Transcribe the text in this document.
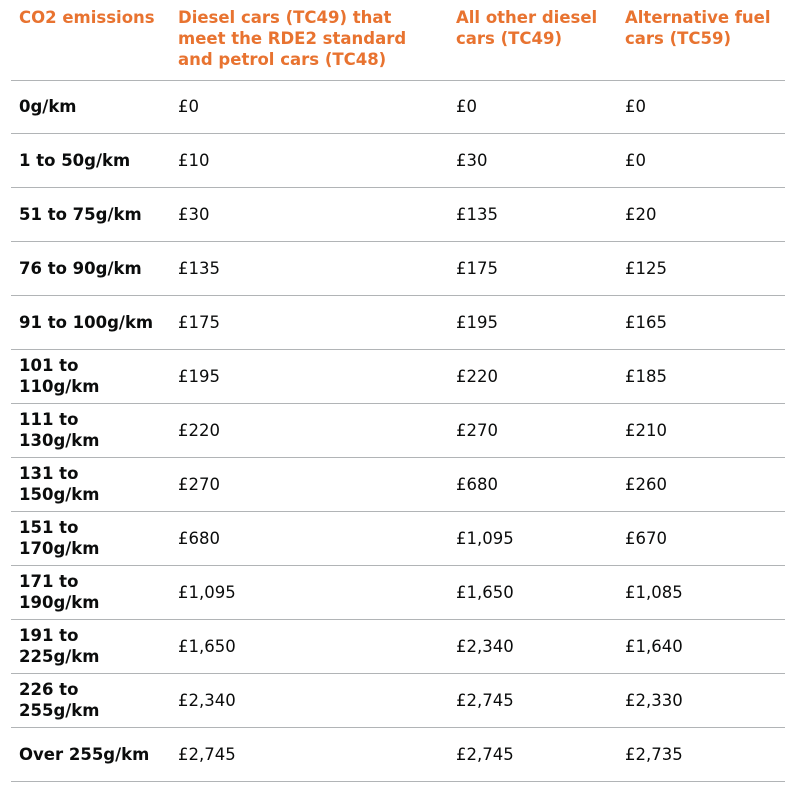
CO2 emissions	Diesel cars (TC49) that meet the RDE2 standard and petrol cars (TC48)	All other diesel cars (TC49)	Alternative fuel cars (TC59)
0g/km	£0	£0	£0
1 to 50g/km	£10	£30	£0
51 to 75g/km	£30	£135	£20
76 to 90g/km	£135	£175	£125
91 to 100g/km	£175	£195	£165
101 to 110g/km	£195	£220	£185
111 to 130g/km	£220	£270	£210
131 to 150g/km	£270	£680	£260
151 to 170g/km	£680	£1,095	£670
171 to 190g/km	£1,095	£1,650	£1,085
191 to 225g/km	£1,650	£2,340	£1,640
226 to 255g/km	£2,340	£2,745	£2,330
Over 255g/km	£2,745	£2,745	£2,735
